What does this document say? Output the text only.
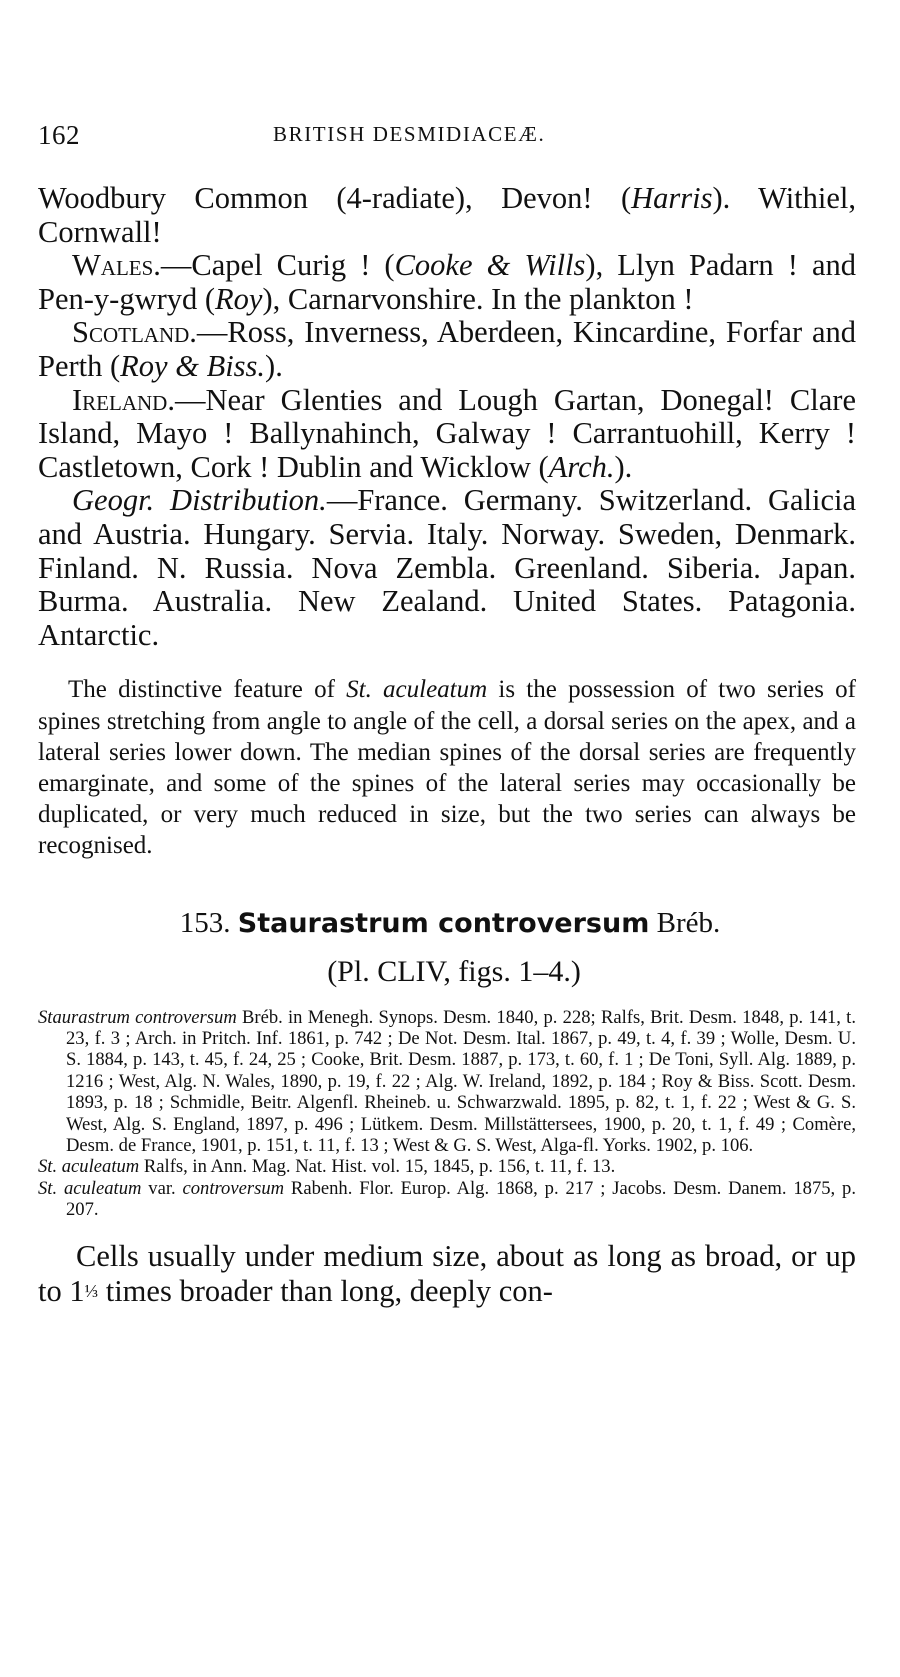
162	BRITISH DESMIDIACEÆ.

Woodbury Common (4-radiate), Devon! (Harris). Withiel, Cornwall!

Wales.—Capel Curig ! (Cooke & Wills), Llyn Padarn ! and Pen-y-gwryd (Roy), Carnarvonshire. In the plankton !

Scotland.—Ross, Inverness, Aberdeen, Kincardine, Forfar and Perth (Roy & Biss.).

Ireland.—Near Glenties and Lough Gartan, Donegal! Clare Island, Mayo ! Ballynahinch, Galway ! Carrantuohill, Kerry ! Castletown, Cork ! Dublin and Wicklow (Arch.).

Geogr. Distribution.—France. Germany. Switzerland. Galicia and Austria. Hungary. Servia. Italy. Norway. Sweden, Denmark. Finland. N. Russia. Nova Zembla. Greenland. Siberia. Japan. Burma. Australia. New Zealand. United States. Patagonia. Antarctic.

The distinctive feature of St. aculeatum is the possession of two series of spines stretching from angle to angle of the cell, a dorsal series on the apex, and a lateral series lower down. The median spines of the dorsal series are frequently emarginate, and some of the spines of the lateral series may occasionally be duplicated, or very much reduced in size, but the two series can always be recognised.

153. Staurastrum controversum Bréb.
(Pl. CLIV, figs. 1–4.)

Staurastrum controversum Bréb. in Menegh. Synops. Desm. 1840, p. 228; Ralfs, Brit. Desm. 1848, p. 141, t. 23, f. 3 ; Arch. in Pritch. Inf. 1861, p. 742 ; De Not. Desm. Ital. 1867, p. 49, t. 4, f. 39 ; Wolle, Desm. U. S. 1884, p. 143, t. 45, f. 24, 25 ; Cooke, Brit. Desm. 1887, p. 173, t. 60, f. 1 ; De Toni, Syll. Alg. 1889, p. 1216 ; West, Alg. N. Wales, 1890, p. 19, f. 22 ; Alg. W. Ireland, 1892, p. 184 ; Roy & Biss. Scott. Desm. 1893, p. 18 ; Schmidle, Beitr. Algenfl. Rheineb. u. Schwarzwald. 1895, p. 82, t. 1, f. 22 ; West & G. S. West, Alg. S. England, 1897, p. 496 ; Lütkem. Desm. Millstättersees, 1900, p. 20, t. 1, f. 49 ; Comère, Desm. de France, 1901, p. 151, t. 11, f. 13 ; West & G. S. West, Alga-fl. Yorks. 1902, p. 106.

St. aculeatum Ralfs, in Ann. Mag. Nat. Hist. vol. 15, 1845, p. 156, t. 11, f. 13.

St. aculeatum var. controversum Rabenh. Flor. Europ. Alg. 1868, p. 217 ; Jacobs. Desm. Danem. 1875, p. 207.

Cells usually under medium size, about as long as broad, or up to 1⅓ times broader than long, deeply con-
